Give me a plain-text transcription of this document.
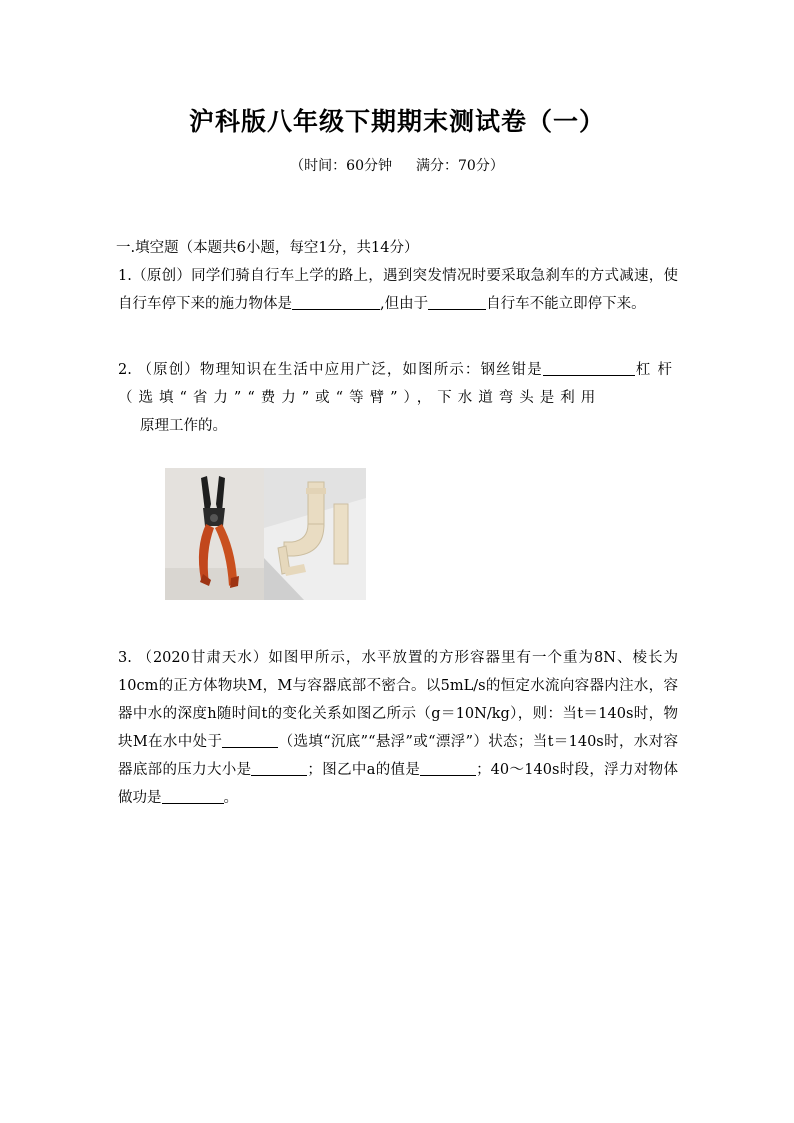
沪科版八年级下期期末测试卷（一）
（时间：60分钟 满分：70分）
一.填空题（本题共6小题，每空1分，共14分）

1.（原创）同学们骑自行车上学的路上，遇到突发情况时要采取急刹车的方式减速，使自行车停下来的施力物体是	,但由于	自行车不能立即停下来。

2. （原创）物理知识在生活中应用广泛，如图所示：钢丝钳是	杠杆（选填“省力”“费力”或“等臂”），下水道弯头是利用

原理工作的。

3. （2020甘肃天水）如图甲所示，水平放置的方形容器里有一个重为8N、棱长为10cm的正方体物块M，M与容器底部不密合。以5mL/s的恒定水流向容器内注水，容器中水的深度h随时间t的变化关系如图乙所示（g＝10N/kg），则：当t＝140s时，物块M在水中处于	（选填“沉底”“悬浮”或“漂浮”）状态；当t＝140s时，水对容器底部的压力大小是	；图乙中a的值是	；40～140s时段，浮力对物体做功是	。
